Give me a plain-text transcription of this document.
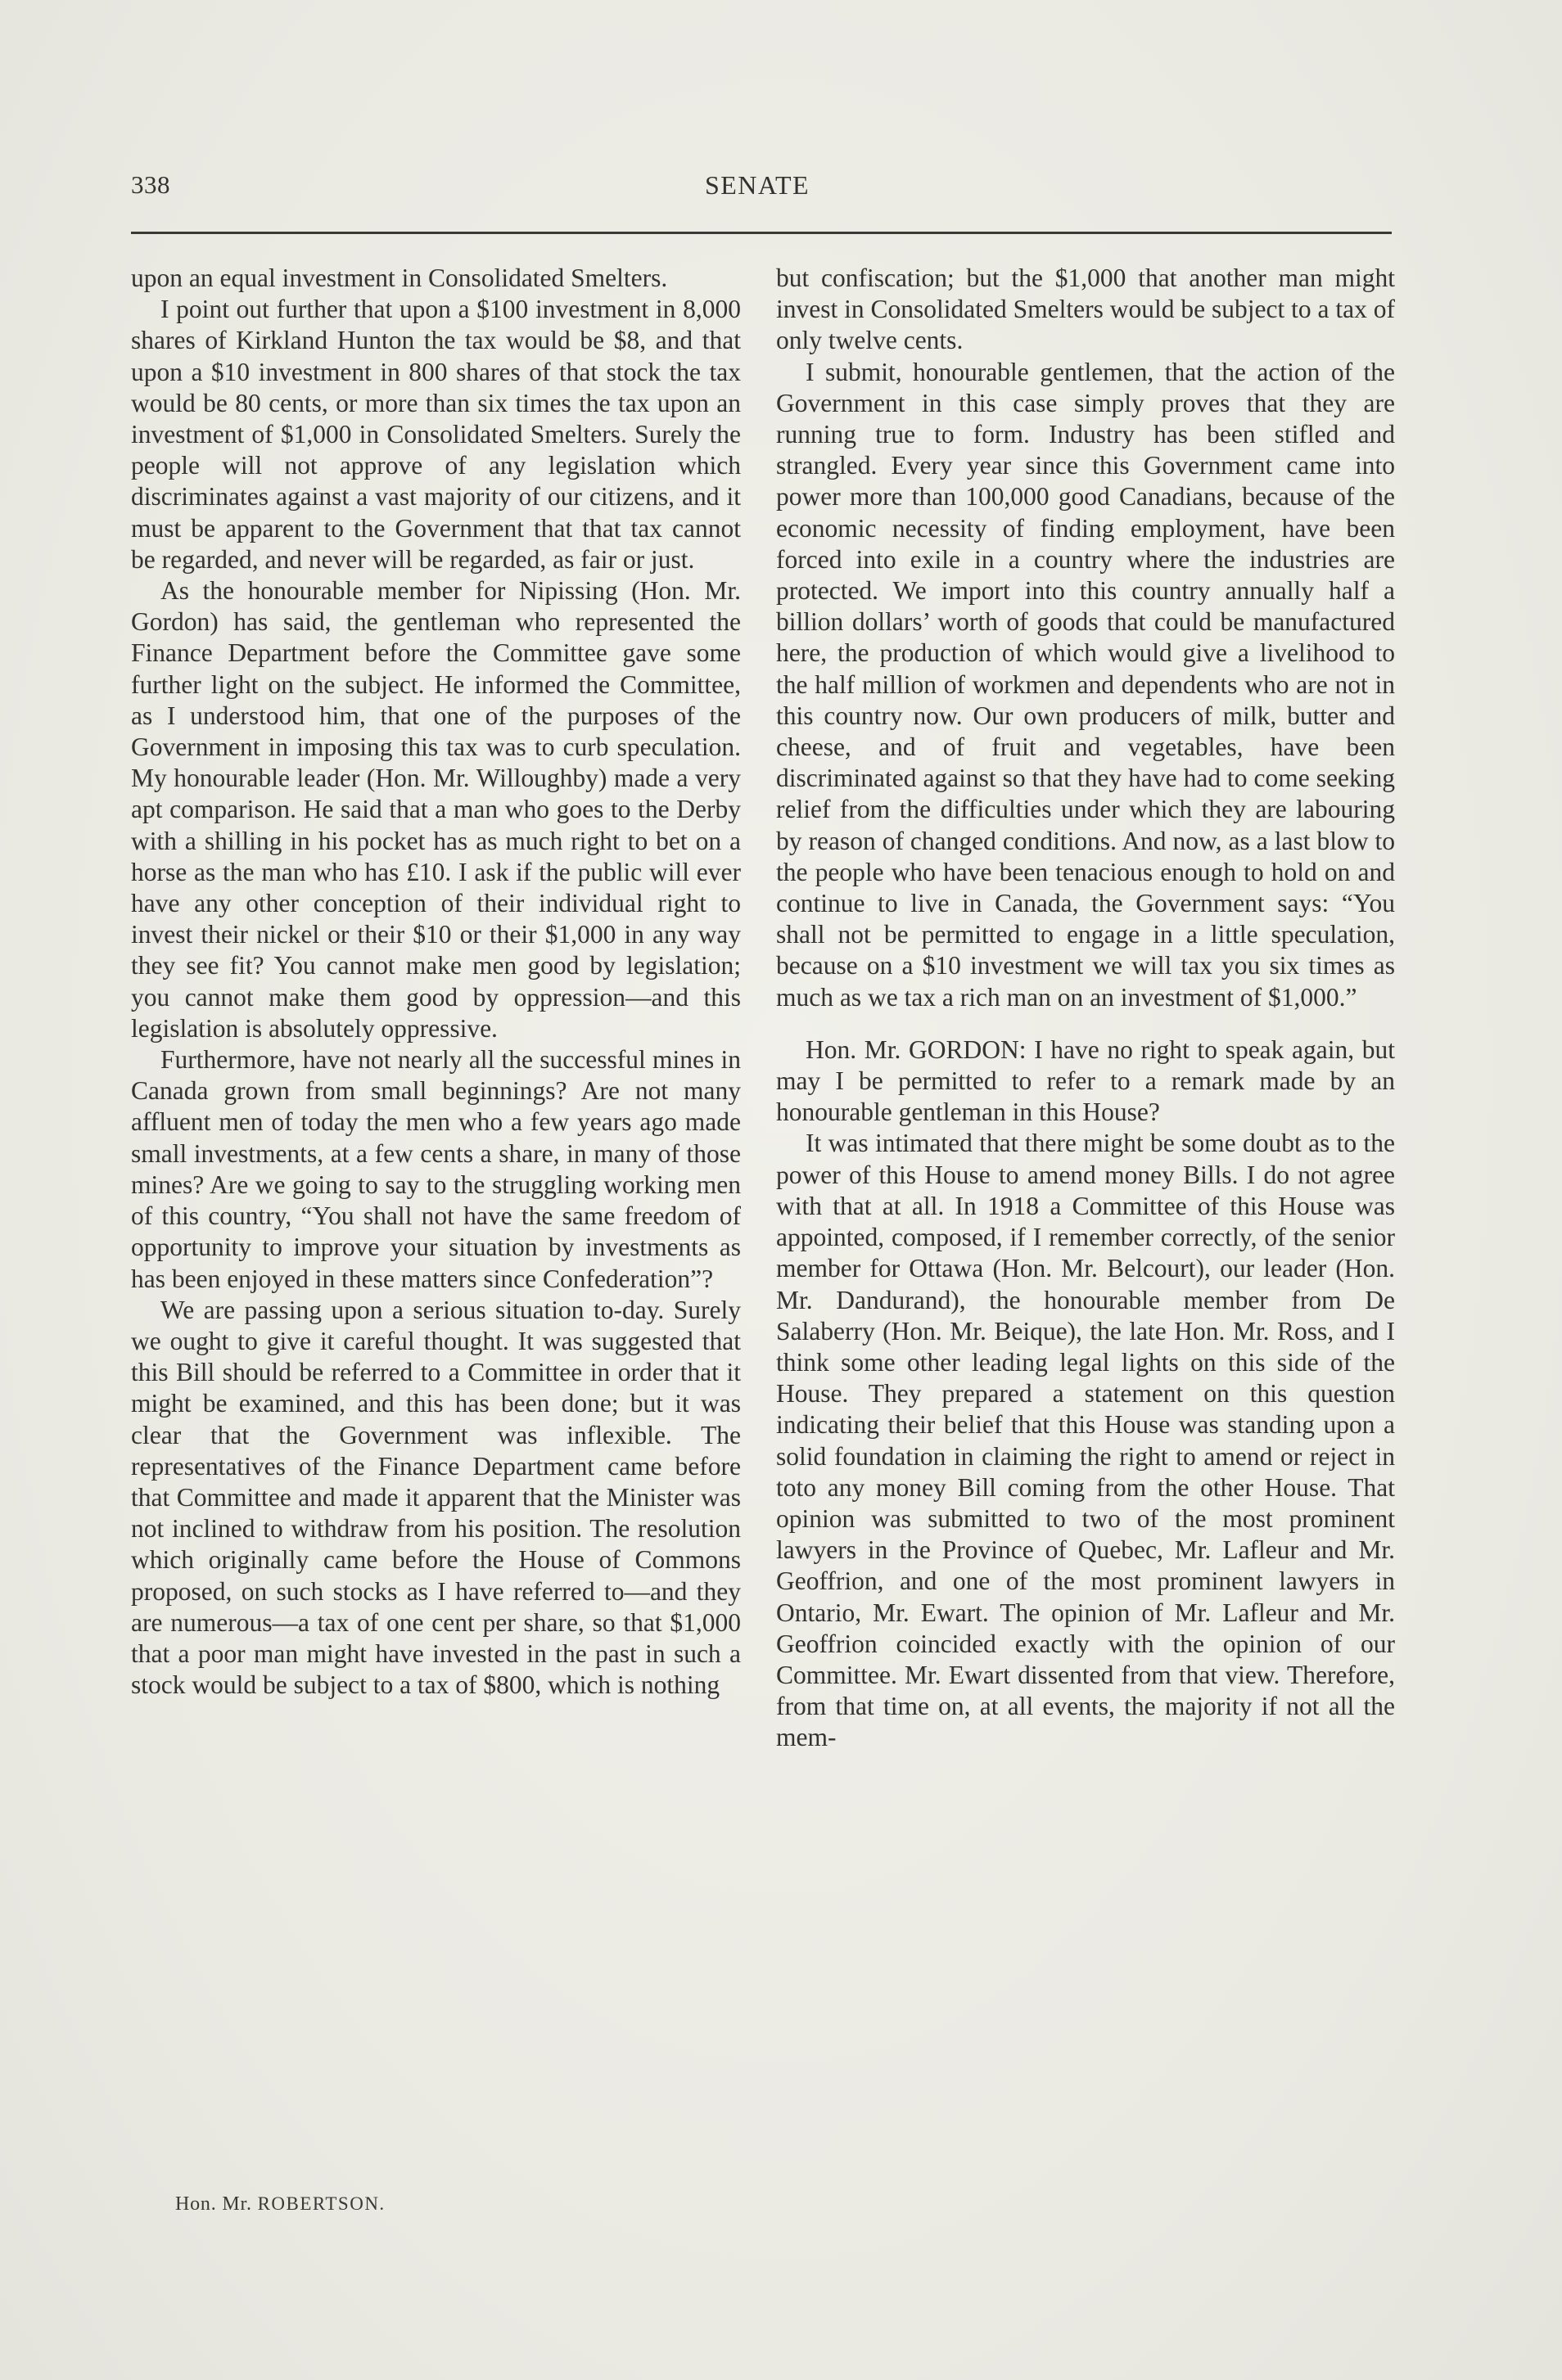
338	SENATE

upon an equal investment in Consolidated Smelters.

I point out further that upon a $100 investment in 8,000 shares of Kirkland Hunton the tax would be $8, and that upon a $10 investment in 800 shares of that stock the tax would be 80 cents, or more than six times the tax upon an investment of $1,000 in Consolidated Smelters. Surely the people will not approve of any legislation which discriminates against a vast majority of our citizens, and it must be apparent to the Government that that tax cannot be regarded, and never will be regarded, as fair or just.

As the honourable member for Nipissing (Hon. Mr. Gordon) has said, the gentleman who represented the Finance Department before the Committee gave some further light on the subject. He informed the Committee, as I understood him, that one of the purposes of the Government in imposing this tax was to curb speculation. My honourable leader (Hon. Mr. Willoughby) made a very apt comparison. He said that a man who goes to the Derby with a shilling in his pocket has as much right to bet on a horse as the man who has £10. I ask if the public will ever have any other conception of their individual right to invest their nickel or their $10 or their $1,000 in any way they see fit? You cannot make men good by legislation; you cannot make them good by oppression—and this legislation is absolutely oppressive.

Furthermore, have not nearly all the successful mines in Canada grown from small beginnings? Are not many affluent men of today the men who a few years ago made small investments, at a few cents a share, in many of those mines? Are we going to say to the struggling working men of this country, “You shall not have the same freedom of opportunity to improve your situation by investments as has been enjoyed in these matters since Confederation”?

We are passing upon a serious situation to-day. Surely we ought to give it careful thought. It was suggested that this Bill should be referred to a Committee in order that it might be examined, and this has been done; but it was clear that the Government was inflexible. The representatives of the Finance Department came before that Committee and made it apparent that the Minister was not inclined to withdraw from his position. The resolution which originally came before the House of Commons proposed, on such stocks as I have referred to—and they are numerous—a tax of one cent per share, so that $1,000 that a poor man might have invested in the past in such a stock would be subject to a tax of $800, which is nothing

but confiscation; but the $1,000 that another man might invest in Consolidated Smelters would be subject to a tax of only twelve cents.

I submit, honourable gentlemen, that the action of the Government in this case simply proves that they are running true to form. Industry has been stifled and strangled. Every year since this Government came into power more than 100,000 good Canadians, because of the economic necessity of finding employment, have been forced into exile in a country where the industries are protected. We import into this country annually half a billion dollars’ worth of goods that could be manufactured here, the production of which would give a livelihood to the half million of workmen and dependents who are not in this country now. Our own producers of milk, butter and cheese, and of fruit and vegetables, have been discriminated against so that they have had to come seeking relief from the difficulties under which they are labouring by reason of changed conditions. And now, as a last blow to the people who have been tenacious enough to hold on and continue to live in Canada, the Government says: “You shall not be permitted to engage in a little speculation, because on a $10 investment we will tax you six times as much as we tax a rich man on an investment of $1,000.”

Hon. Mr. GORDON: I have no right to speak again, but may I be permitted to refer to a remark made by an honourable gentleman in this House?

It was intimated that there might be some doubt as to the power of this House to amend money Bills. I do not agree with that at all. In 1918 a Committee of this House was appointed, composed, if I remember correctly, of the senior member for Ottawa (Hon. Mr. Belcourt), our leader (Hon. Mr. Dandurand), the honourable member from De Salaberry (Hon. Mr. Beique), the late Hon. Mr. Ross, and I think some other leading legal lights on this side of the House. They prepared a statement on this question indicating their belief that this House was standing upon a solid foundation in claiming the right to amend or reject in toto any money Bill coming from the other House. That opinion was submitted to two of the most prominent lawyers in the Province of Quebec, Mr. Lafleur and Mr. Geoffrion, and one of the most prominent lawyers in Ontario, Mr. Ewart. The opinion of Mr. Lafleur and Mr. Geoffrion coincided exactly with the opinion of our Committee. Mr. Ewart dissented from that view. Therefore, from that time on, at all events, the majority if not all the mem-

Hon. Mr. ROBERTSON.
